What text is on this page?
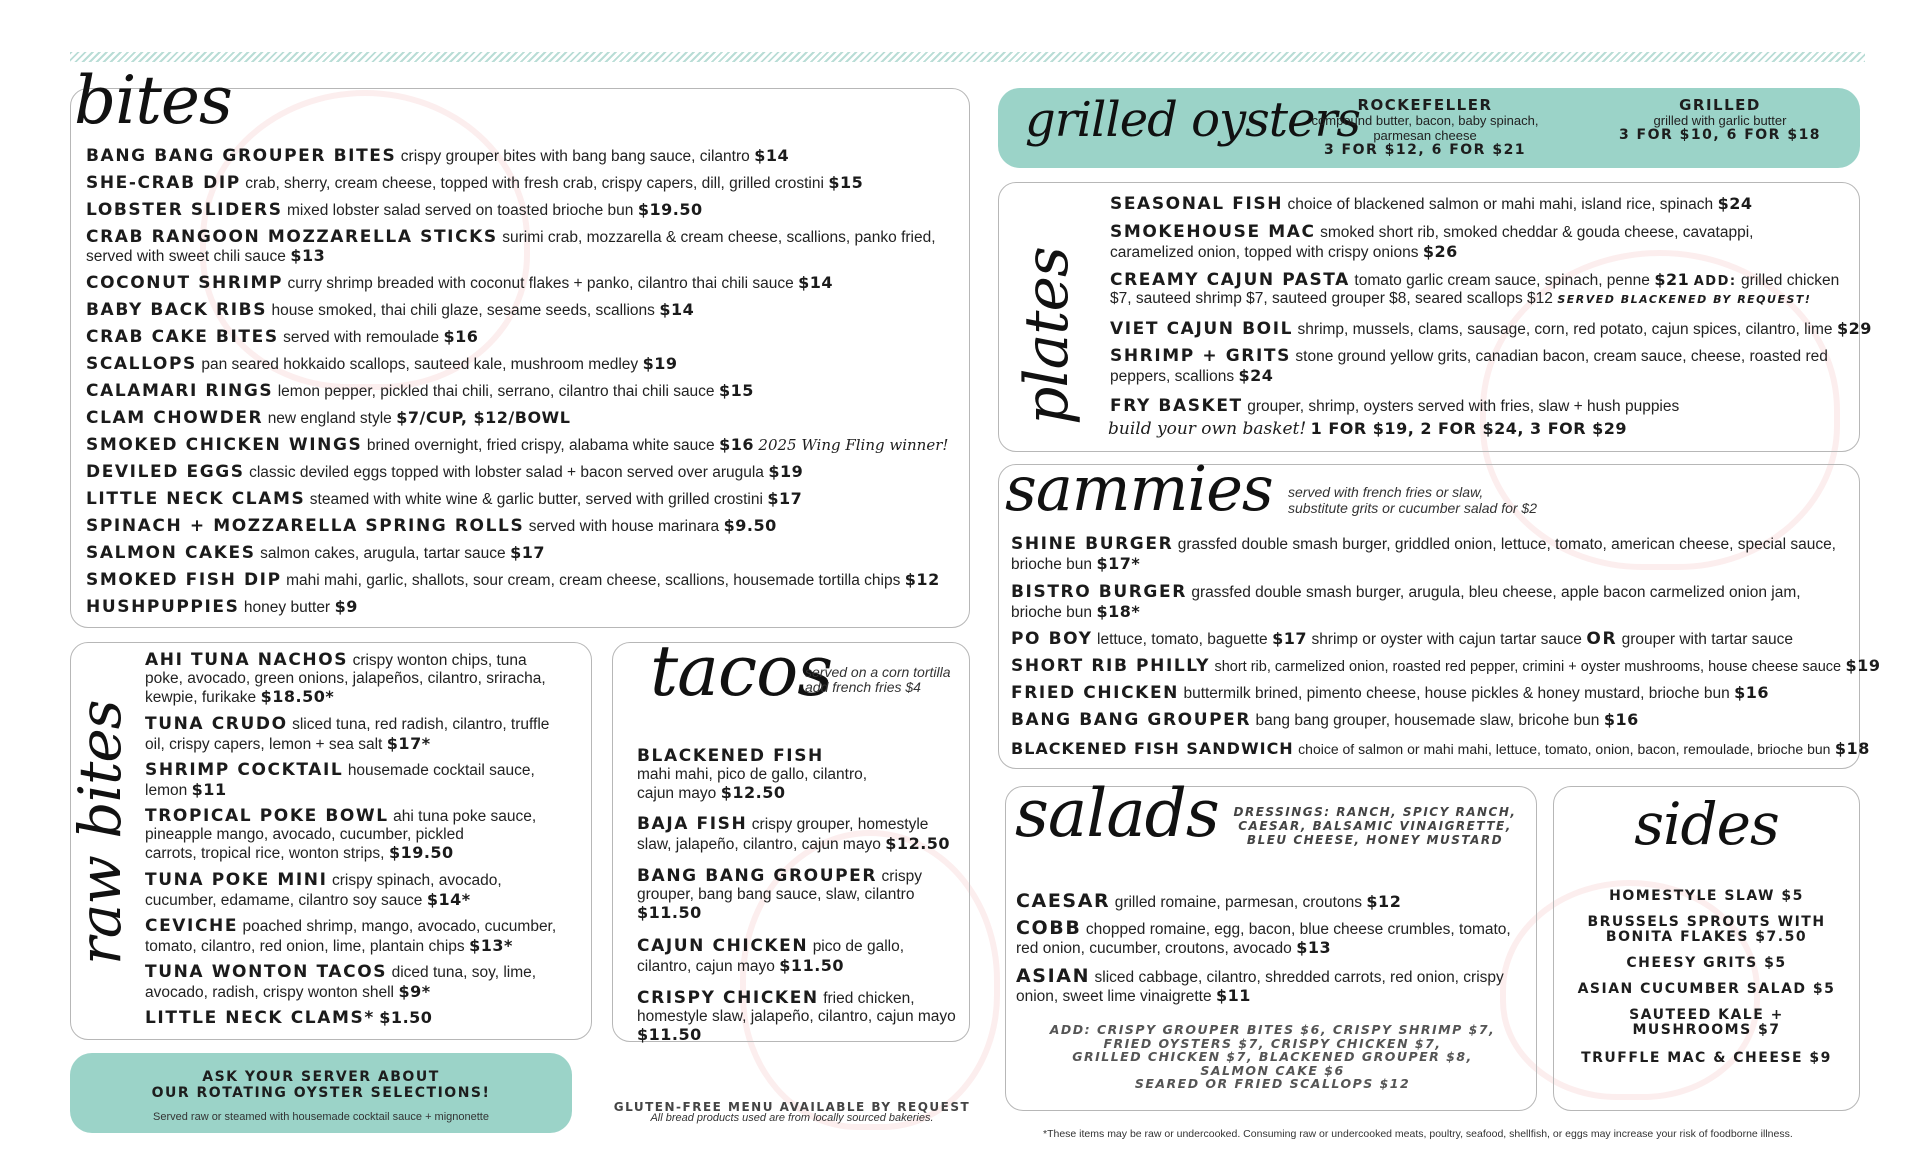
bites
BANG BANG GROUPER BITES crispy grouper bites with bang bang sauce, cilantro $14
SHE-CRAB DIP crab, sherry, cream cheese, topped with fresh crab, crispy capers, dill, grilled crostini $15
LOBSTER SLIDERS mixed lobster salad served on toasted brioche bun $19.50
CRAB RANGOON MOZZARELLA STICKS surimi crab, mozzarella & cream cheese, scallions, panko fried,
served with sweet chili sauce $13
COCONUT SHRIMP curry shrimp breaded with coconut flakes + panko, cilantro thai chili sauce $14
BABY BACK RIBS house smoked, thai chili glaze, sesame seeds, scallions $14
CRAB CAKE BITES served with remoulade $16
SCALLOPS pan seared hokkaido scallops, sauteed kale, mushroom medley $19
CALAMARI RINGS lemon pepper, pickled thai chili, serrano, cilantro thai chili sauce $15
CLAM CHOWDER new england style $7/CUP, $12/BOWL
SMOKED CHICKEN WINGS brined overnight, fried crispy, alabama white sauce $16 2025 Wing Fling winner!
DEVILED EGGS classic deviled eggs topped with lobster salad + bacon served over arugula $19
LITTLE NECK CLAMS steamed with white wine & garlic butter, served with grilled crostini $17
SPINACH + MOZZARELLA SPRING ROLLS served with house marinara $9.50
SALMON CAKES salmon cakes, arugula, tartar sauce $17
SMOKED FISH DIP mahi mahi, garlic, shallots, sour cream, cream cheese, scallions, housemade tortilla chips $12
HUSHPUPPIES honey butter $9
raw bites
AHI TUNA NACHOS crispy wonton chips, tuna
poke, avocado, green onions, jalapeños, cilantro, sriracha,
kewpie, furikake $18.50*
TUNA CRUDO sliced tuna, red radish, cilantro, truffle
oil, crispy capers, lemon + sea salt $17*
SHRIMP COCKTAIL housemade cocktail sauce,
lemon $11
TROPICAL POKE BOWL ahi tuna poke sauce,
pineapple mango, avocado, cucumber, pickled
carrots, tropical rice, wonton strips, $19.50
TUNA POKE MINI crispy spinach, avocado,
cucumber, edamame, cilantro soy sauce $14*
CEVICHE poached shrimp, mango, avocado, cucumber,
tomato, cilantro, red onion, lime, plantain chips $13*
TUNA WONTON TACOS diced tuna, soy, lime,
avocado, radish, crispy wonton shell $9*
LITTLE NECK CLAMS* $1.50
ASK YOUR SERVER ABOUT
OUR ROTATING OYSTER SELECTIONS!
Served raw or steamed with housemade cocktail sauce + mignonette
tacos
served on a corn tortilla
add french fries $4
BLACKENED FISH
mahi mahi, pico de gallo, cilantro,
cajun mayo $12.50
BAJA FISH crispy grouper, homestyle
slaw, jalapeño, cilantro, cajun mayo $12.50
BANG BANG GROUPER crispy
grouper, bang bang sauce, slaw, cilantro
$11.50
CAJUN CHICKEN pico de gallo,
cilantro, cajun mayo $11.50
CRISPY CHICKEN fried chicken,
homestyle slaw, jalapeño, cilantro, cajun mayo
$11.50
GLUTEN-FREE MENU AVAILABLE BY REQUEST
All bread products used are from locally sourced bakeries.
*These items may be raw or undercooked. Consuming raw or undercooked meats, poultry, seafood, shellfish, or eggs may increase your risk of foodborne illness.
grilled oysters
ROCKEFELLER
compound butter, bacon, baby spinach,
parmesan cheese
3 FOR $12, 6 FOR $21
GRILLED
grilled with garlic butter
3 FOR $10, 6 FOR $18
plates
SEASONAL FISH choice of blackened salmon or mahi mahi, island rice, spinach $24
SMOKEHOUSE MAC smoked short rib, smoked cheddar & gouda cheese, cavatappi,
caramelized onion, topped with crispy onions $26
CREAMY CAJUN PASTA tomato garlic cream sauce, spinach, penne $21 ADD: grilled chicken
$7, sauteed shrimp $7, sauteed grouper $8, seared scallops $12 SERVED BLACKENED BY REQUEST!
VIET CAJUN BOIL shrimp, mussels, clams, sausage, corn, red potato, cajun spices, cilantro, lime $29
SHRIMP + GRITS stone ground yellow grits, canadian bacon, cream sauce, cheese, roasted red
peppers, scallions $24
FRY BASKET grouper, shrimp, oysters served with fries, slaw + hush puppies
build your own basket! 1 FOR $19, 2 FOR $24, 3 FOR $29
sammies served with french fries or slaw,
substitute grits or cucumber salad for $2
SHINE BURGER grassfed double smash burger, griddled onion, lettuce, tomato, american cheese, special sauce,
brioche bun $17*
BISTRO BURGER grassfed double smash burger, arugula, bleu cheese, apple bacon carmelized onion jam,
brioche bun $18*
PO BOY lettuce, tomato, baguette $17 shrimp or oyster with cajun tartar sauce OR grouper with tartar sauce
SHORT RIB PHILLY short rib, carmelized onion, roasted red pepper, crimini + oyster mushrooms, house cheese sauce $19
FRIED CHICKEN buttermilk brined, pimento cheese, house pickles & honey mustard, brioche bun $16
BANG BANG GROUPER bang bang grouper, housemade slaw, bricohe bun $16
BLACKENED FISH SANDWICH choice of salmon or mahi mahi, lettuce, tomato, onion, bacon, remoulade, brioche bun $18
salads	DRESSINGS: RANCH, SPICY RANCH,
CAESAR, BALSAMIC VINAIGRETTE,
BLEU CHEESE, HONEY MUSTARD
CAESAR grilled romaine, parmesan, croutons $12
COBB chopped romaine, egg, bacon, blue cheese crumbles, tomato,
red onion, cucumber, croutons, avocado $13
ASIAN sliced cabbage, cilantro, shredded carrots, red onion, crispy
onion, sweet lime vinaigrette $11
ADD: CRISPY GROUPER BITES $6, CRISPY SHRIMP $7,
FRIED OYSTERS $7, CRISPY CHICKEN $7,
GRILLED CHICKEN $7, BLACKENED GROUPER $8,
SALMON CAKE $6
SEARED OR FRIED SCALLOPS $12
sides
HOMESTYLE SLAW $5
BRUSSELS SPROUTS WITH
BONITA FLAKES $7.50
CHEESY GRITS $5
ASIAN CUCUMBER SALAD $5
SAUTEED KALE +
MUSHROOMS $7
TRUFFLE MAC & CHEESE $9
